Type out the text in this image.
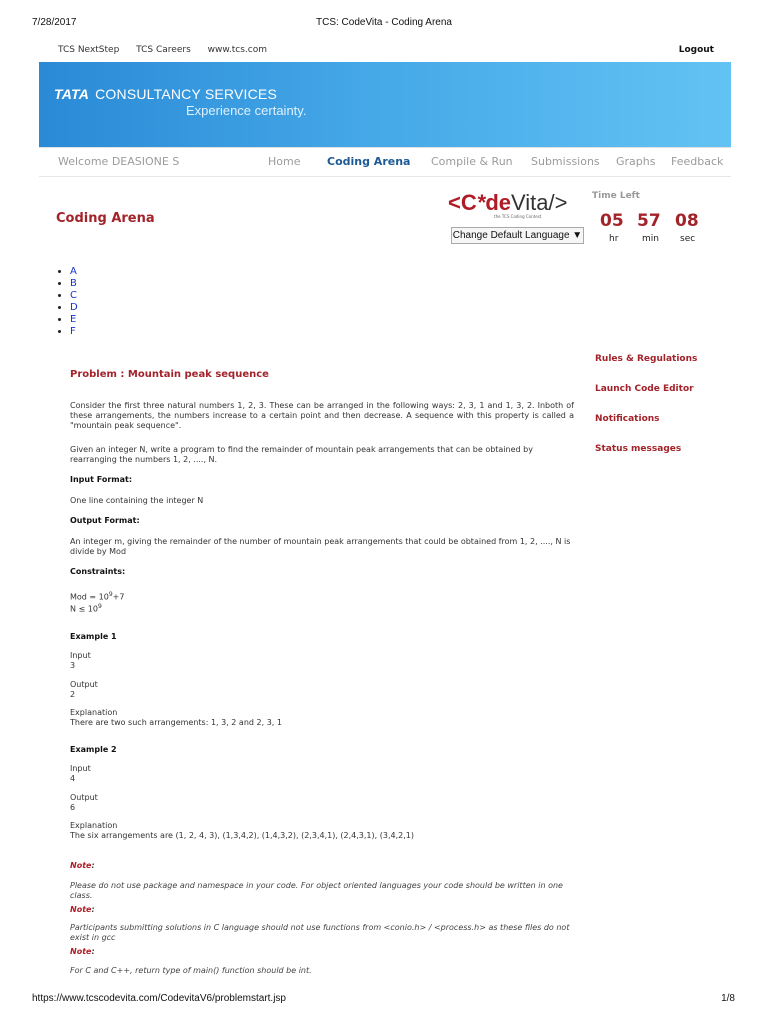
7/28/2017	TCS: CodeVita - Coding Arena
TCS NextStep TCS Careers www.tcs.com	Logout
TATA CONSULTANCY SERVICES
Experience certainty.
Welcome DEASIONE S	Home Coding Arena Compile & Run Submissions Graphs Feedback
Coding Arena
<C*deVita/>
the TCS Coding Contest
Change Default Language ▼
Time Left
05 57 08
hr	min sec
• A
• B
• C
• D
• E
• F
Rules & Regulations
Launch Code Editor
Notifications
Status messages
Problem : Mountain peak sequence
Consider the first three natural numbers 1, 2, 3. These can be arranged in the following ways: 2, 3, 1 and 1, 3, 2. Inboth of these arrangements, the numbers increase to a certain point and then decrease. A sequence with this property is called a "mountain peak sequence".
Given an integer N, write a program to find the remainder of mountain peak arrangements that can be obtained by rearranging the numbers 1, 2, ...., N.
Input Format:
One line containing the integer N
Output Format:
An integer m, giving the remainder of the number of mountain peak arrangements that could be obtained from 1, 2, ...., N is divide by Mod
Constraints:
Mod = $10^9+7$
$N \le 10^9$
Example 1
Input
3
Output
2
Explanation
There are two such arrangements: 1, 3, 2 and 2, 3, 1
Example 2
Input
4
Output
6
Explanation
The six arrangements are (1, 2, 4, 3), (1,3,4,2), (1,4,3,2), (2,3,4,1), (2,4,3,1), (3,4,2,1)
Note:
Please do not use package and namespace in your code. For object oriented languages your code should be written in one class.
Note:
Participants submitting solutions in C language should not use functions from <conio.h> / <process.h> as these files do not exist in gcc
Note:
For C and C++, return type of main() function should be int.
https://www.tcscodevita.com/CodevitaV6/problemstart.jsp	1/8
